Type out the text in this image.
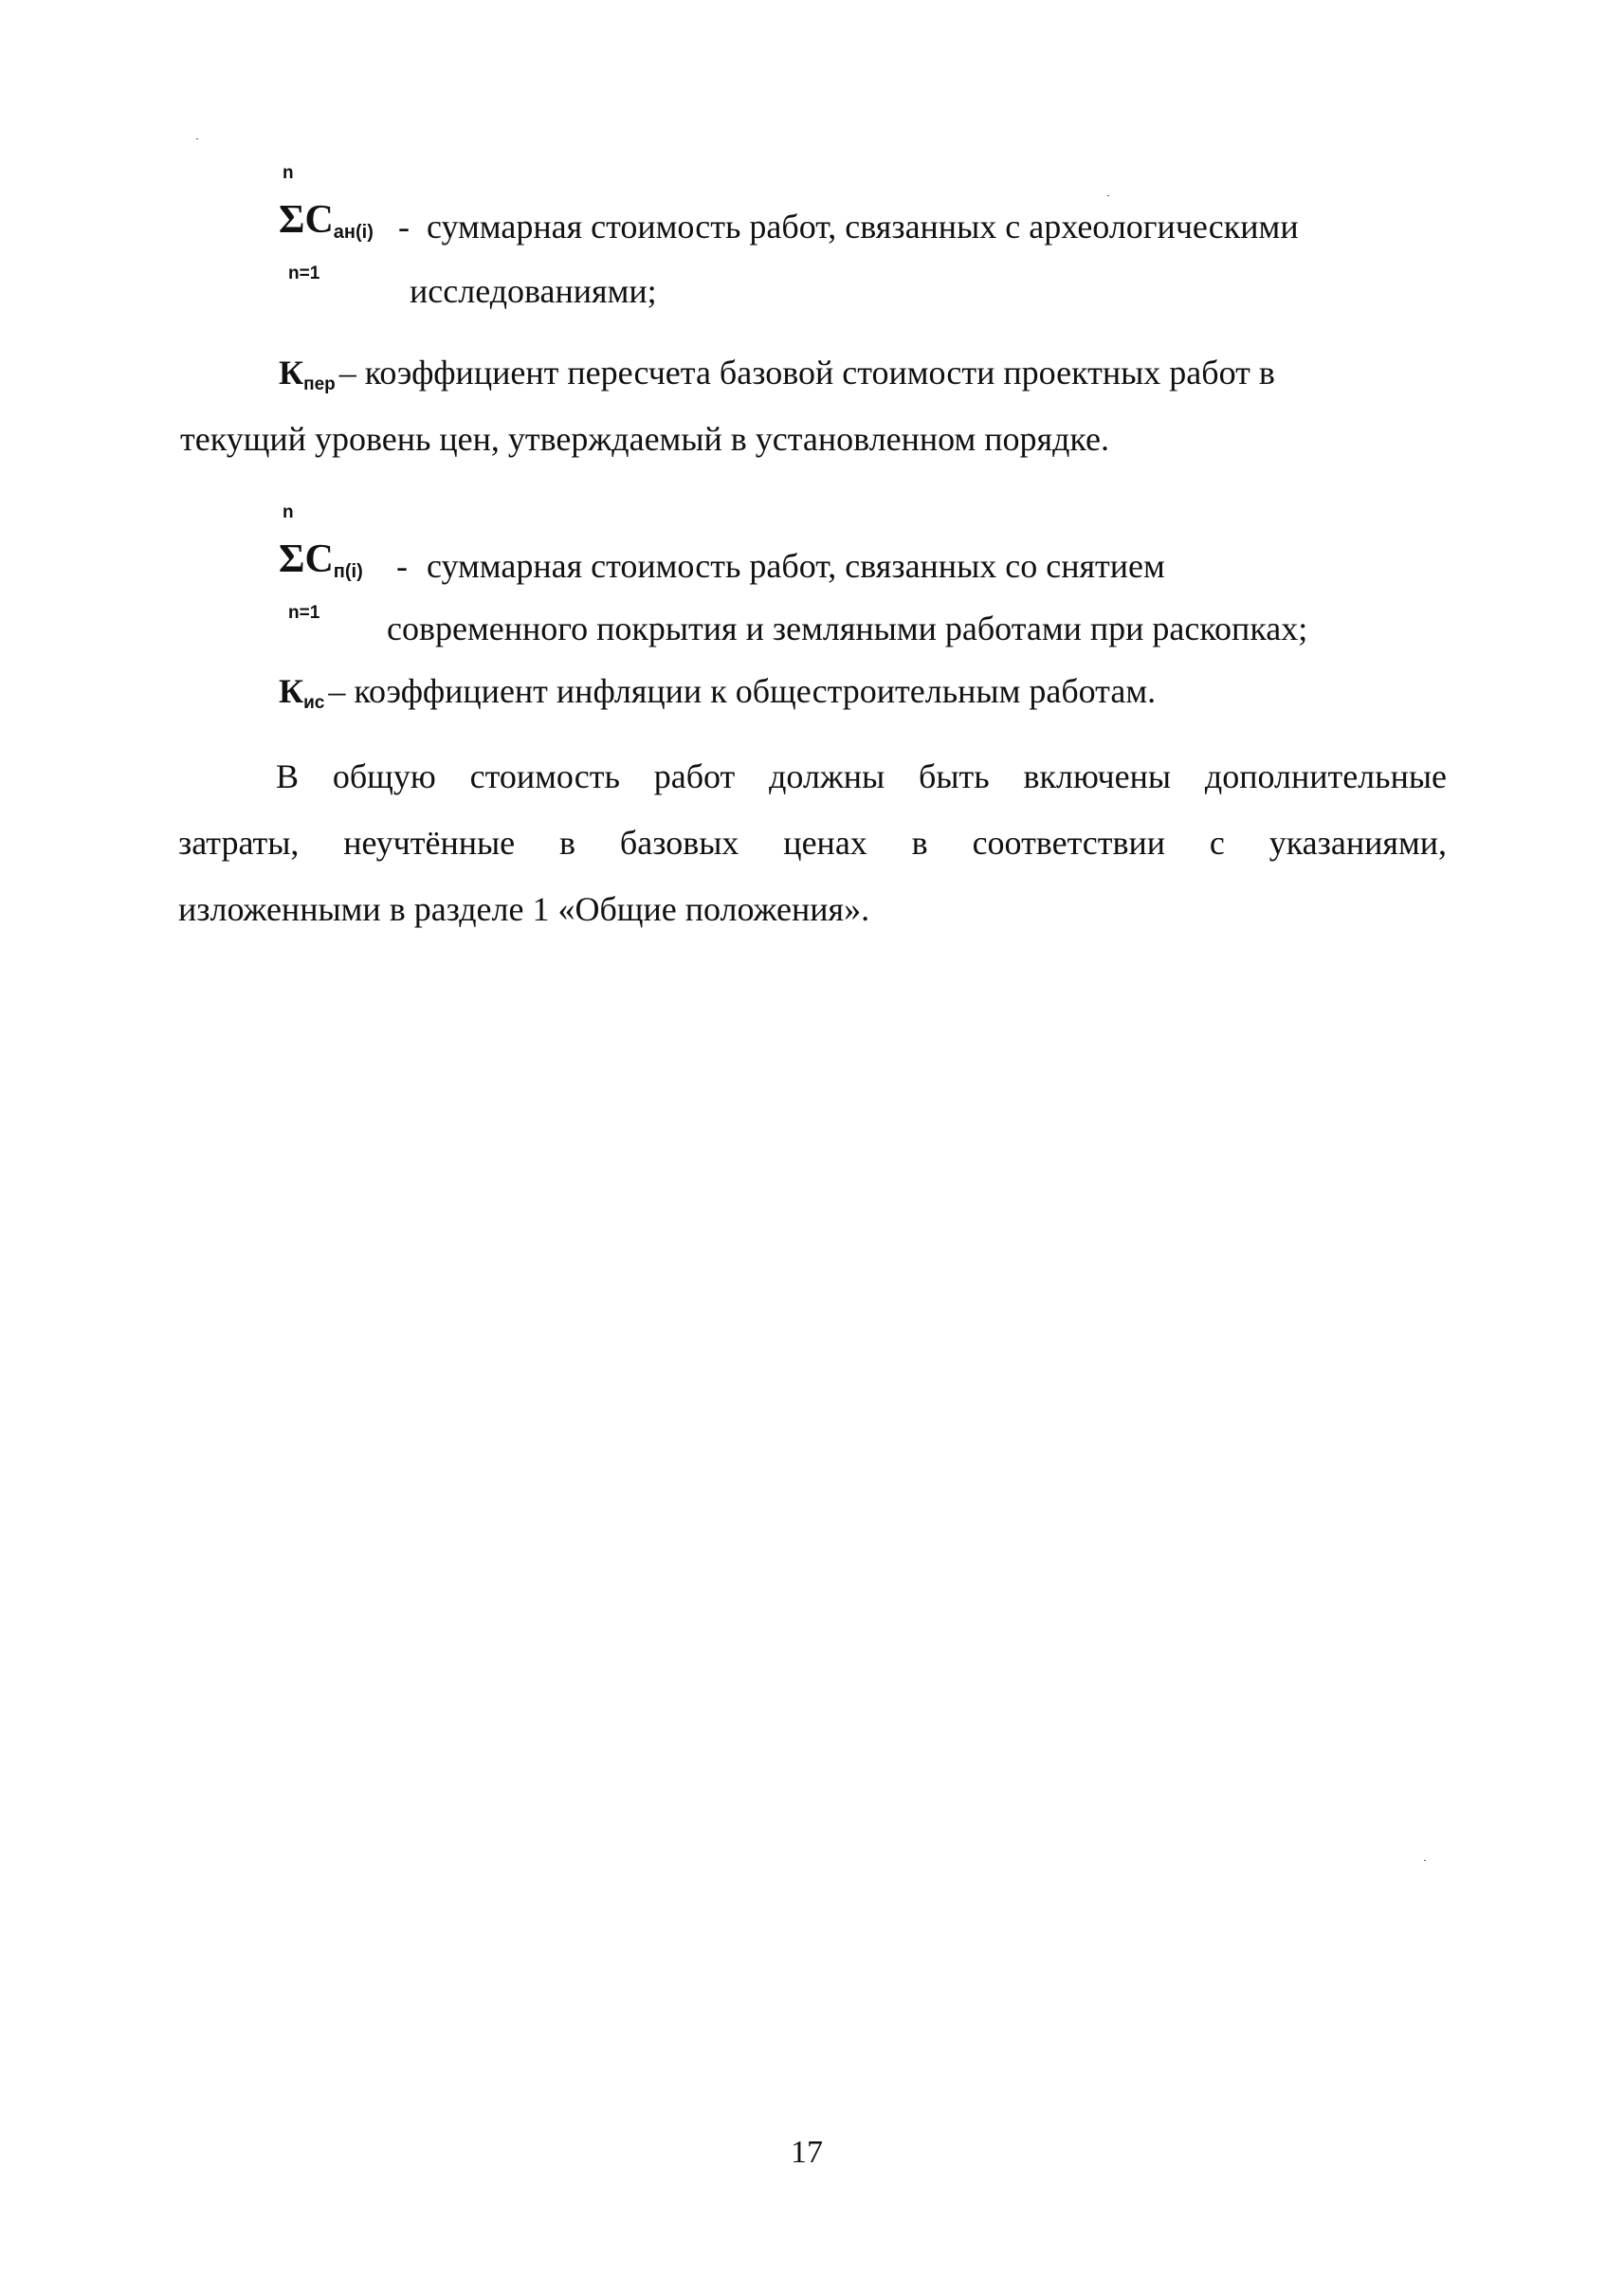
n
$\Sigma C_{ан(i)}$ - суммарная стоимость работ, связанных с археологическими
n=1	исследованиями;
$К_{пер}$ – коэффициент пересчета базовой стоимости проектных работ в
текущий уровень цен, утверждаемый в установленном порядке.
n
$\Sigma C_{п(i)}$ - суммарная стоимость работ, связанных со снятием
n=1 современного покрытия и земляными работами при раскопках;
$К_{ис}$ – коэффициент инфляции к общестроительным работам.
В общую стоимость работ должны быть включены дополнительные
затраты, неучтённые в базовых ценах в соответствии с указаниями,
изложенными в разделе 1 «Общие положения».
17
